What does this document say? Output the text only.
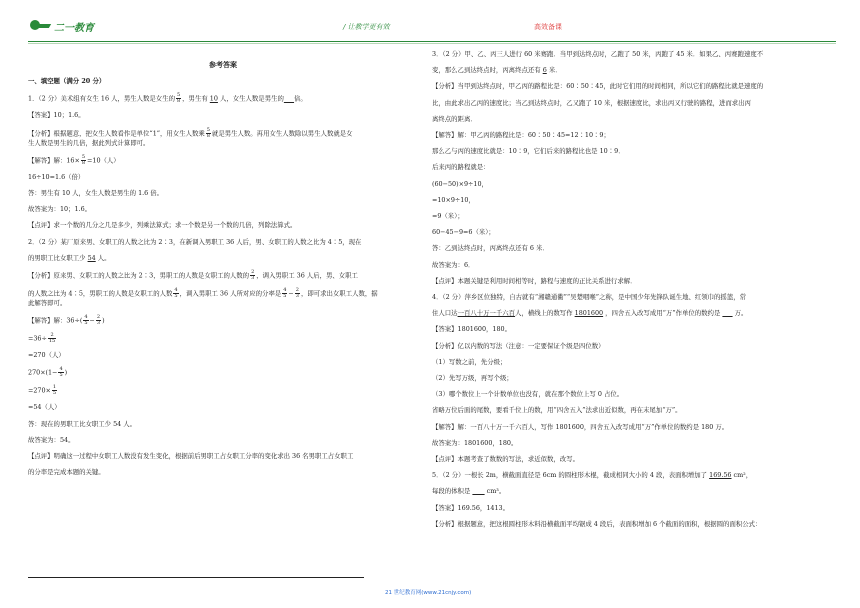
二一教育	/ 让教学更有效	高效备课
参考答案

一、填空题（满分 20 分）

1．（2 分）美术组有女生 16 人，男生人数是女生的 $\frac{5}{8}$ ，男生有 10 人，女生人数是男生的 倍。

【答案】10；1.6。

【分析】根据题意，把女生人数看作是单位“1”，用女生人数乘 $\frac{5}{8}$ 就是男生人数。再用女生人数除以男生人数就是女

生人数是男生的几倍，据此列式计算即可。

【解答】解：$16\times \frac{5}{8} =10$（人）

16÷10=1.6（倍）

答：男生有 10 人，女生人数是男生的 1.6 倍。

故答案为：10；1.6。

【点评】求一个数的几分之几是多少，列乘法算式；求一个数是另一个数的几倍，列除法算式。

2．（2 分）某厂原来男、女职工的人数之比为 2∶3，在新调入男职工 36 人后，男、女职工的人数之比为 4∶5，现在

的男职工比女职工少 54 人。

【分析】原来男、女职工的人数之比为 2∶3，男职工的人数是女职工的人数的 $\frac{2}{3}$ ，调入男职工 36 人后，男、女职工

的人数之比为 4∶5，男职工的人数是女职工的人数 $\frac{4}{5}$ ，调入男职工 36 人所对应的分率是 $\frac{4}{5} - \frac{2}{3}$ ，即可求出女职工人数，据

此解答即可。

【解答】解：$36\div( \frac{4}{5} - \frac{2}{3}$ )

$=36\div \frac{2}{15}$

=270（人）

$270\times(1- \frac{4}{5}$ )

$=270\times \frac{1}{5}$

=54（人）

答：现在的男职工比女职工少 54 人。

故答案为：54。

【点评】明确这一过程中女职工人数没有发生变化，根据前后男职工占女职工分率的变化求出 36 名男职工占女职工

的分率是完成本题的关键。

3．（2 分）甲、乙、丙三人进行 60 米赛跑．当甲到达终点时，乙跑了 50 米，丙跑了 45 米．如果乙、丙赛跑速度不

变，那么乙到达终点时，丙离终点还有 6 米．

【分析】当甲到达终点时，甲乙丙的路程比是：60∶50∶45，此时它们用的时间相同，所以它们的路程比就是速度的

比，由此求出乙丙的速度比；当乙到达终点时，乙又跑了 10 米，根据速度比，求出丙又行驶的路程，进而求出丙

离终点的距离．

【解答】解：甲乙丙的路程比是：60∶50∶45=12∶10∶9；

那么乙与丙的速度比就是：10∶9，它们后来的路程比也是 10∶9．

后来丙的路程就是：

(60−50)×9÷10，

=10×9÷10，

=9（米）；

60−45−9=6（米）；

答：乙到达终点时，丙离终点还有 6 米．

故答案为：6．

【点评】本题关键是利用时间相等时，路程与速度的正比关系进行求解．

4．（2 分）萍乡区位独特，自古就有“湘赣通衢”“吴楚咽喉”之称，是中国少年先锋队诞生地、红领巾的摇篮，常

住人口达一百八十万一千六百人，横线上的数写作 1801600 ，四舍五入改写成用“万”作单位的数约是 万。

【答案】1801600，180。

【分析】亿以内数的写法（注意：一定要保证个级是四位数）

（1）写数之前，先分级；

（2）先写万级，再写个级；

（3）哪个数位上一个计数单位也没有，就在那个数位上写 0 占位。

省略万位后面的尾数，要看千位上的数，用“四舍五入”法求出近似数，再在末尾加“万”。

【解答】解：一百八十万一千六百人，写作 1801600，四舍五入改写成用“万”作单位的数约是 180 万。

故答案为：1801600，180。

【点评】本题考查了数数的写法，求近似数，改写。

5．（2 分）一根长 2m，横截面直径是 6cm 的圆柱形木棍，截成相同大小的 4 段，表面积增加了 169.56 cm²，

每段的体积是	cm³。

【答案】169.56，1413。

【分析】根据题意，把这根圆柱形木料沿横截面平均锯成 4 段后，表面积增加 6 个截面的面积，根据圆的面积公式：

21 世纪教育网(www.21cnjy.com)
